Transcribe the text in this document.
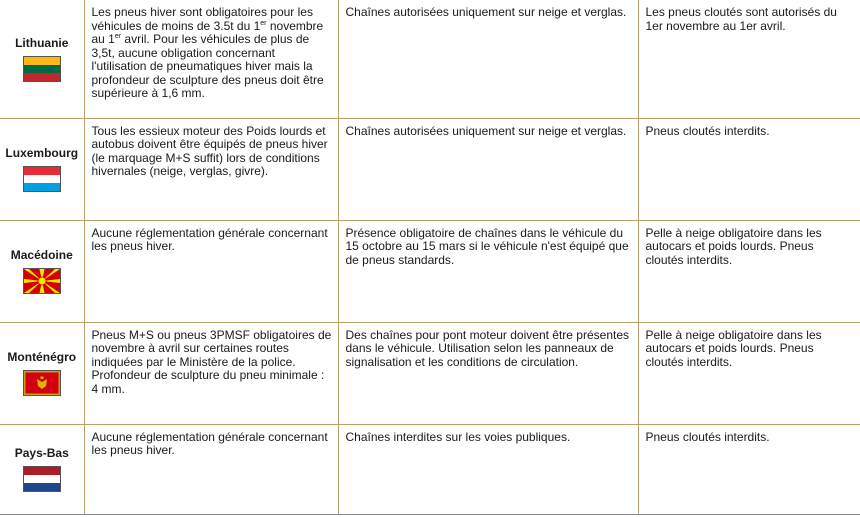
Lithuanie	Les pneus hiver sont obligatoires pour les véhicules de moins de 3.5t du 1er novembre au 1er avril. Pour les véhicules de plus de 3,5t, aucune obligation concernant l'utilisation de pneumatiques hiver mais la profondeur de sculpture des pneus doit être supérieure à 1,6 mm.	Chaînes autorisées uniquement sur neige et verglas.	Les pneus cloutés sont autorisés du 1er novembre au 1er avril.

Luxembourg	Tous les essieux moteur des Poids lourds et autobus doivent être équipés de pneus hiver (le marquage M+S suffit) lors de conditions hivernales (neige, verglas, givre).	Chaînes autorisées uniquement sur neige et verglas.	Pneus cloutés interdits.

Macédoine	Aucune réglementation générale concernant les pneus hiver.	Présence obligatoire de chaînes dans le véhicule du 15 octobre au 15 mars si le véhicule n'est équipé que de pneus standards.	Pelle à neige obligatoire dans les autocars et poids lourds. Pneus cloutés interdits.

Monténégro	Pneus M+S ou pneus 3PMSF obligatoires de novembre à avril sur certaines routes indiquées par le Ministère de la police. Profondeur de sculpture du pneu minimale : 4 mm.	Des chaînes pour pont moteur doivent être présentes dans le véhicule. Utilisation selon les panneaux de signalisation et les conditions de circulation.	Pelle à neige obligatoire dans les autocars et poids lourds. Pneus cloutés interdits.

Pays-Bas	Aucune réglementation générale concernant les pneus hiver.	Chaînes interdites sur les voies publiques.	Pneus cloutés interdits.
